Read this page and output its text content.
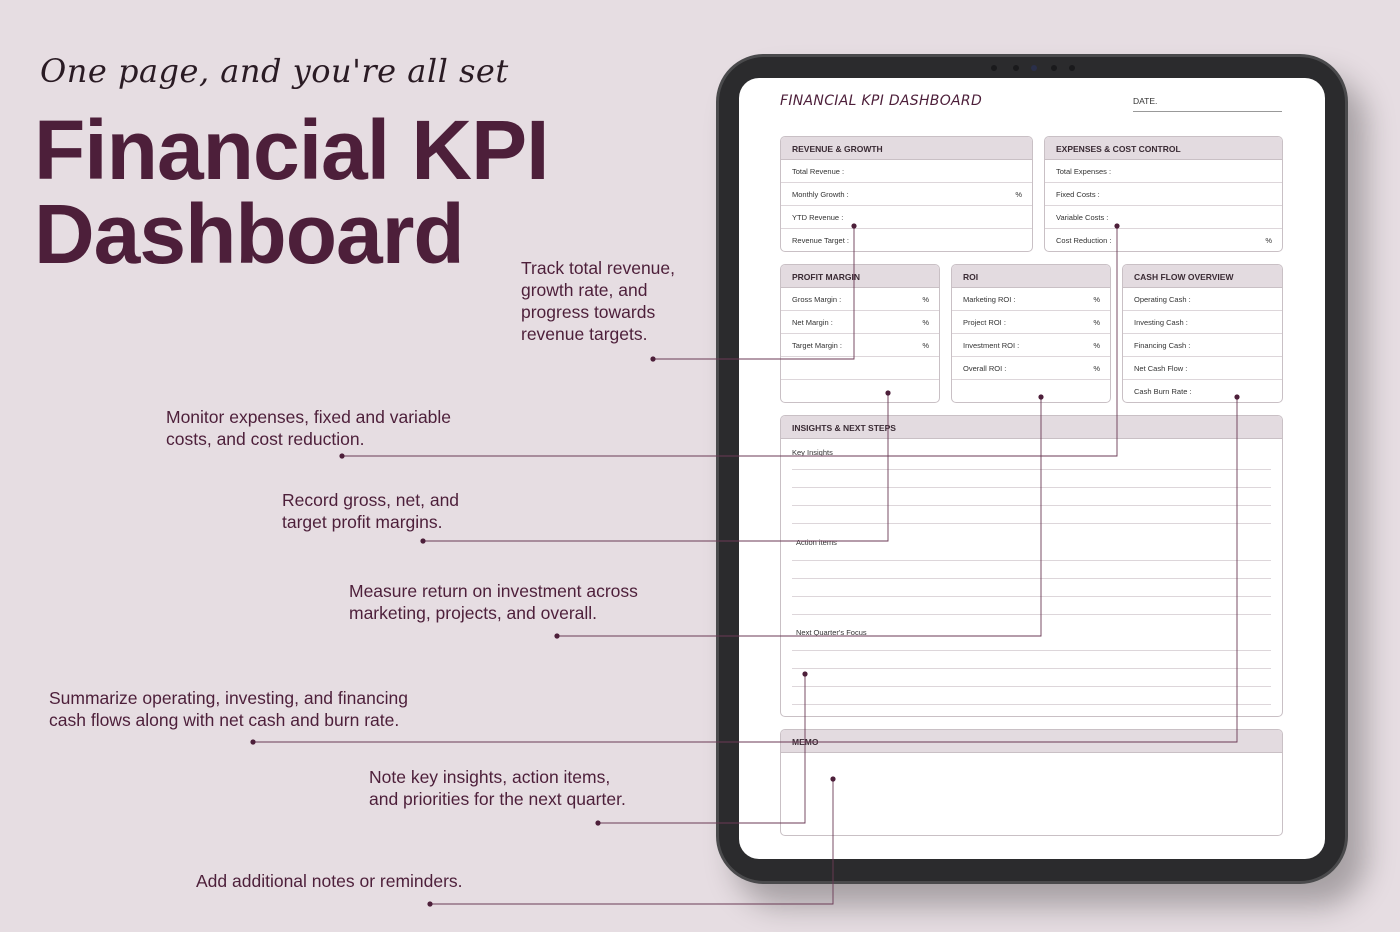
One page, and you're all set
Financial KPI
Dashboard	Track total revenue,
growth rate, and
progress towards
revenue targets.
Monitor expenses, fixed and variable
costs, and cost reduction.
Record gross, net, and
target profit margins.
Measure return on investment across
marketing, projects, and overall.
Summarize operating, investing, and financing
cash flows along with net cash and burn rate.
Note key insights, action items,
and priorities for the next quarter.
Add additional notes or reminders.
FINANCIAL KPI DASHBOARD	DATE.
REVENUE & GROWTH
Total Revenue :
Monthly Growth :	%
YTD Revenue :
Revenue Target :
EXPENSES & COST CONTROL
Total Expenses :
Fixed Costs :
Variable Costs :
Cost Reduction :	%
PROFIT MARGIN
Gross Margin :	%
Net Margin :	%
Target Margin :	%
ROI
Marketing ROI :	%
Project ROI :	%
Investment ROI :	%
Overall ROI :	%
CASH FLOW OVERVIEW
Operating Cash :
Investing Cash :
Financing Cash :
Net Cash Flow :
Cash Burn Rate :
INSIGHTS & NEXT STEPS
Key Insights
Action items
Next Quarter's Focus
MEMO
